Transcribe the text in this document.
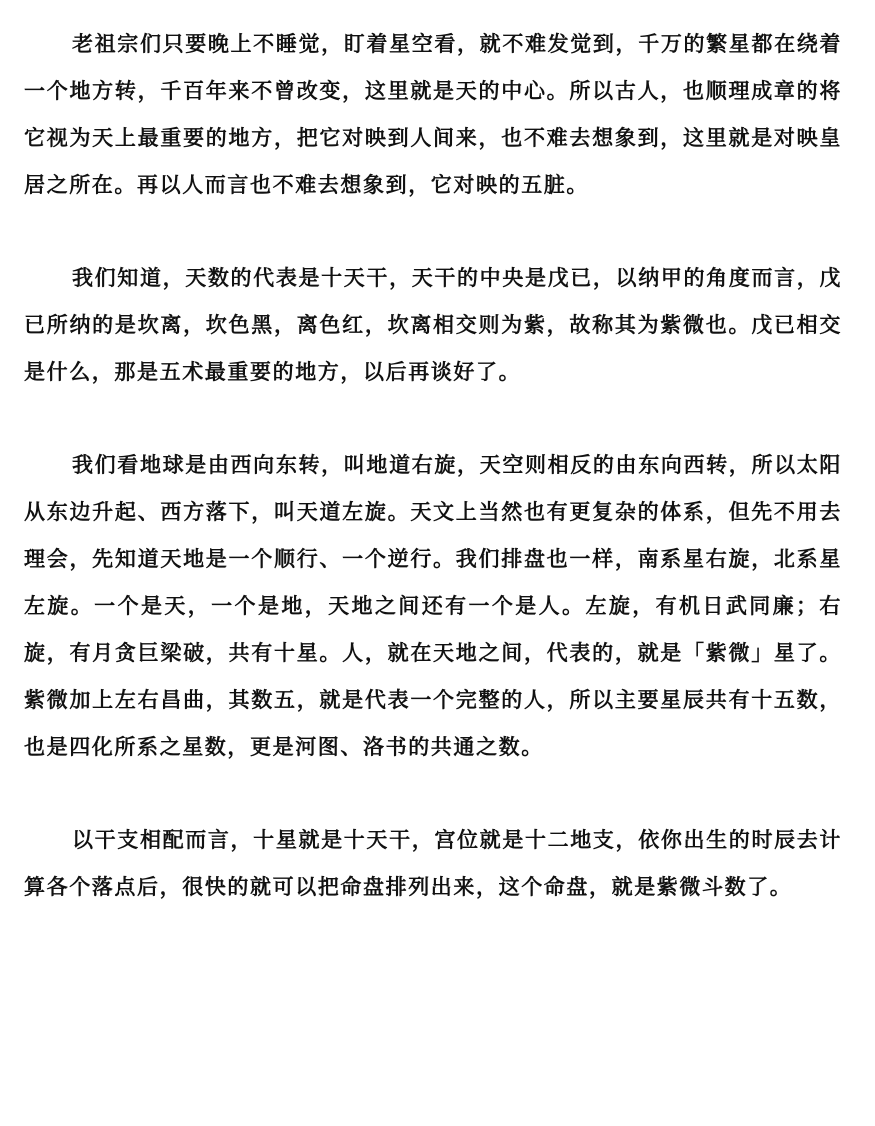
老祖宗们只要晚上不睡觉，盯着星空看，就不难发觉到，千万的繁星都在绕着一个地方转，千百年来不曾改变，这里就是天的中心。所以古人，也顺理成章的将它视为天上最重要的地方，把它对映到人间来，也不难去想象到，这里就是对映皇居之所在。再以人而言也不难去想象到，它对映的五脏。

我们知道，天数的代表是十天干，天干的中央是戊已，以纳甲的角度而言，戊已所纳的是坎离，坎色黑，离色红，坎离相交则为紫，故称其为紫微也。戊已相交是什么，那是五术最重要的地方，以后再谈好了。

我们看地球是由西向东转，叫地道右旋，天空则相反的由东向西转，所以太阳从东边升起、西方落下，叫天道左旋。天文上当然也有更复杂的体系，但先不用去理会，先知道天地是一个顺行、一个逆行。我们排盘也一样，南系星右旋，北系星左旋。一个是天，一个是地，天地之间还有一个是人。左旋，有机日武同廉；右旋，有月贪巨梁破，共有十星。人，就在天地之间，代表的，就是「紫微」星了。紫微加上左右昌曲，其数五，就是代表一个完整的人，所以主要星辰共有十五数，也是四化所系之星数，更是河图、洛书的共通之数。

以干支相配而言，十星就是十天干，宫位就是十二地支，依你出生的时辰去计算各个落点后，很快的就可以把命盘排列出来，这个命盘，就是紫微斗数了。
